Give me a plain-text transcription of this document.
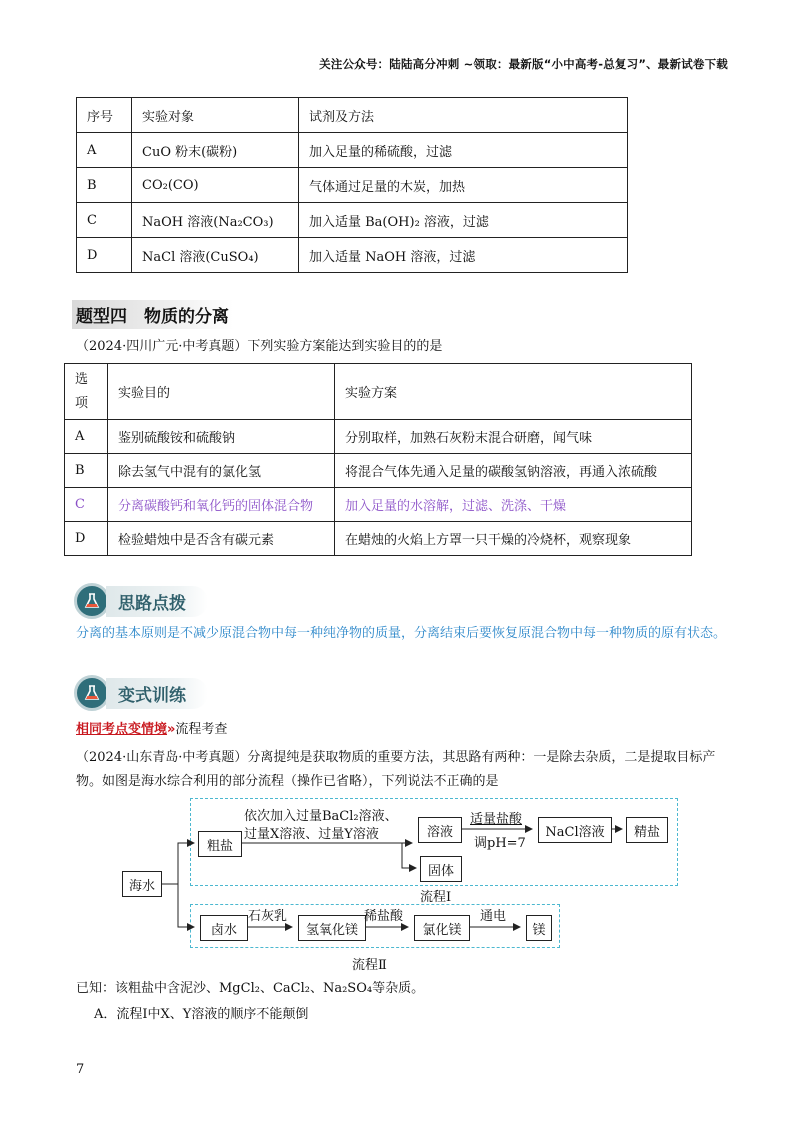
关注公众号：陆陆高分冲刺 ~领取：最新版“小中高考-总复习”、最新试卷下载
序号	实验对象	试剂及方法
A	CuO 粉末(碳粉)	加入足量的稀硫酸，过滤
B	CO₂(CO)	气体通过足量的木炭，加热
C	NaOH 溶液(Na₂CO₃)	加入适量 Ba(OH)₂ 溶液，过滤
D	NaCl 溶液(CuSO₄)	加入适量 NaOH 溶液，过滤
题型四　物质的分离
（2024·四川广元·中考真题）下列实验方案能达到实验目的的是
选项	实验目的	实验方案
A	鉴别硫酸铵和硫酸钠	分别取样，加熟石灰粉末混合研磨，闻气味
B	除去氢气中混有的氯化氢	将混合气体先通入足量的碳酸氢钠溶液，再通入浓硫酸
C	分离碳酸钙和氧化钙的固体混合物	加入足量的水溶解，过滤、洗涤、干燥
D	检验蜡烛中是否含有碳元素	在蜡烛的火焰上方罩一只干燥的冷烧杯，观察现象
思路点拨
分离的基本原则是不减少原混合物中每一种纯净物的质量，分离结束后要恢复原混合物中每一种物质的原有状态。
变式训练
相同考点变情境»流程考查
（2024·山东青岛·中考真题）分离提纯是获取物质的重要方法，其思路有两种：一是除去杂质，二是提取目标产物。如图是海水综合利用的部分流程（操作已省略），下列说法不正确的是
海水
粗盐
依次加入过量BaCl₂溶液、
过量X溶液、过量Y溶液	溶液
适量盐酸
调pH=7
NaCl溶液	精盐
固体
流程Ⅰ
卤水
石灰乳
氢氧化镁
稀盐酸
氯化镁
通电
镁
流程Ⅱ
已知：该粗盐中含泥沙、MgCl₂、CaCl₂、Na₂SO₄等杂质。
A．流程Ⅰ中X、Y溶液的顺序不能颠倒
7
